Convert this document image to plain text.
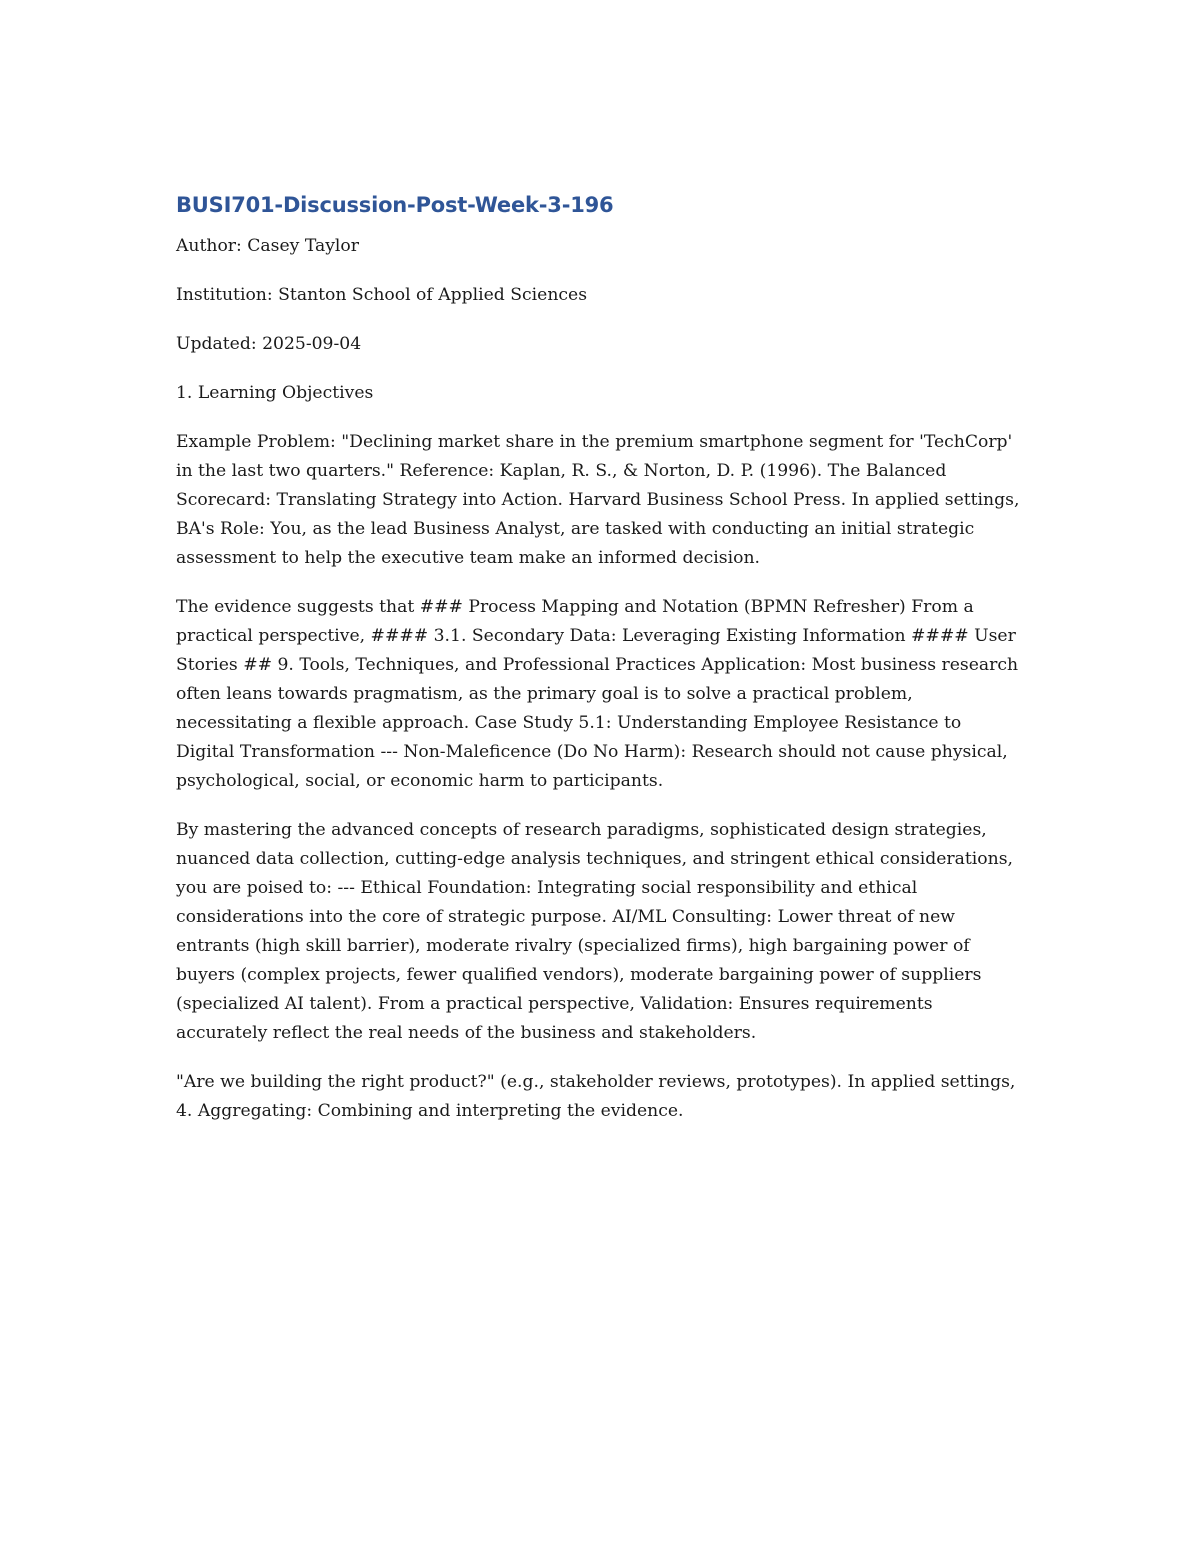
BUSI701-Discussion-Post-Week-3-196

Author: Casey Taylor

Institution: Stanton School of Applied Sciences

Updated: 2025-09-04

1. Learning Objectives

Example Problem: "Declining market share in the premium smartphone segment for 'TechCorp' in the last two quarters." Reference: Kaplan, R. S., & Norton, D. P. (1996). The Balanced Scorecard: Translating Strategy into Action. Harvard Business School Press. In applied settings, BA's Role: You, as the lead Business Analyst, are tasked with conducting an initial strategic assessment to help the executive team make an informed decision.

The evidence suggests that ### Process Mapping and Notation (BPMN Refresher) From a practical perspective, #### 3.1. Secondary Data: Leveraging Existing Information #### User Stories ## 9. Tools, Techniques, and Professional Practices Application: Most business research often leans towards pragmatism, as the primary goal is to solve a practical problem, necessitating a flexible approach. Case Study 5.1: Understanding Employee Resistance to Digital Transformation --- Non-Maleficence (Do No Harm): Research should not cause physical, psychological, social, or economic harm to participants.

By mastering the advanced concepts of research paradigms, sophisticated design strategies, nuanced data collection, cutting-edge analysis techniques, and stringent ethical considerations, you are poised to: --- Ethical Foundation: Integrating social responsibility and ethical considerations into the core of strategic purpose. AI/ML Consulting: Lower threat of new entrants (high skill barrier), moderate rivalry (specialized firms), high bargaining power of buyers (complex projects, fewer qualified vendors), moderate bargaining power of suppliers (specialized AI talent). From a practical perspective, Validation: Ensures requirements accurately reflect the real needs of the business and stakeholders.

"Are we building the right product?" (e.g., stakeholder reviews, prototypes). In applied settings, 4. Aggregating: Combining and interpreting the evidence.
